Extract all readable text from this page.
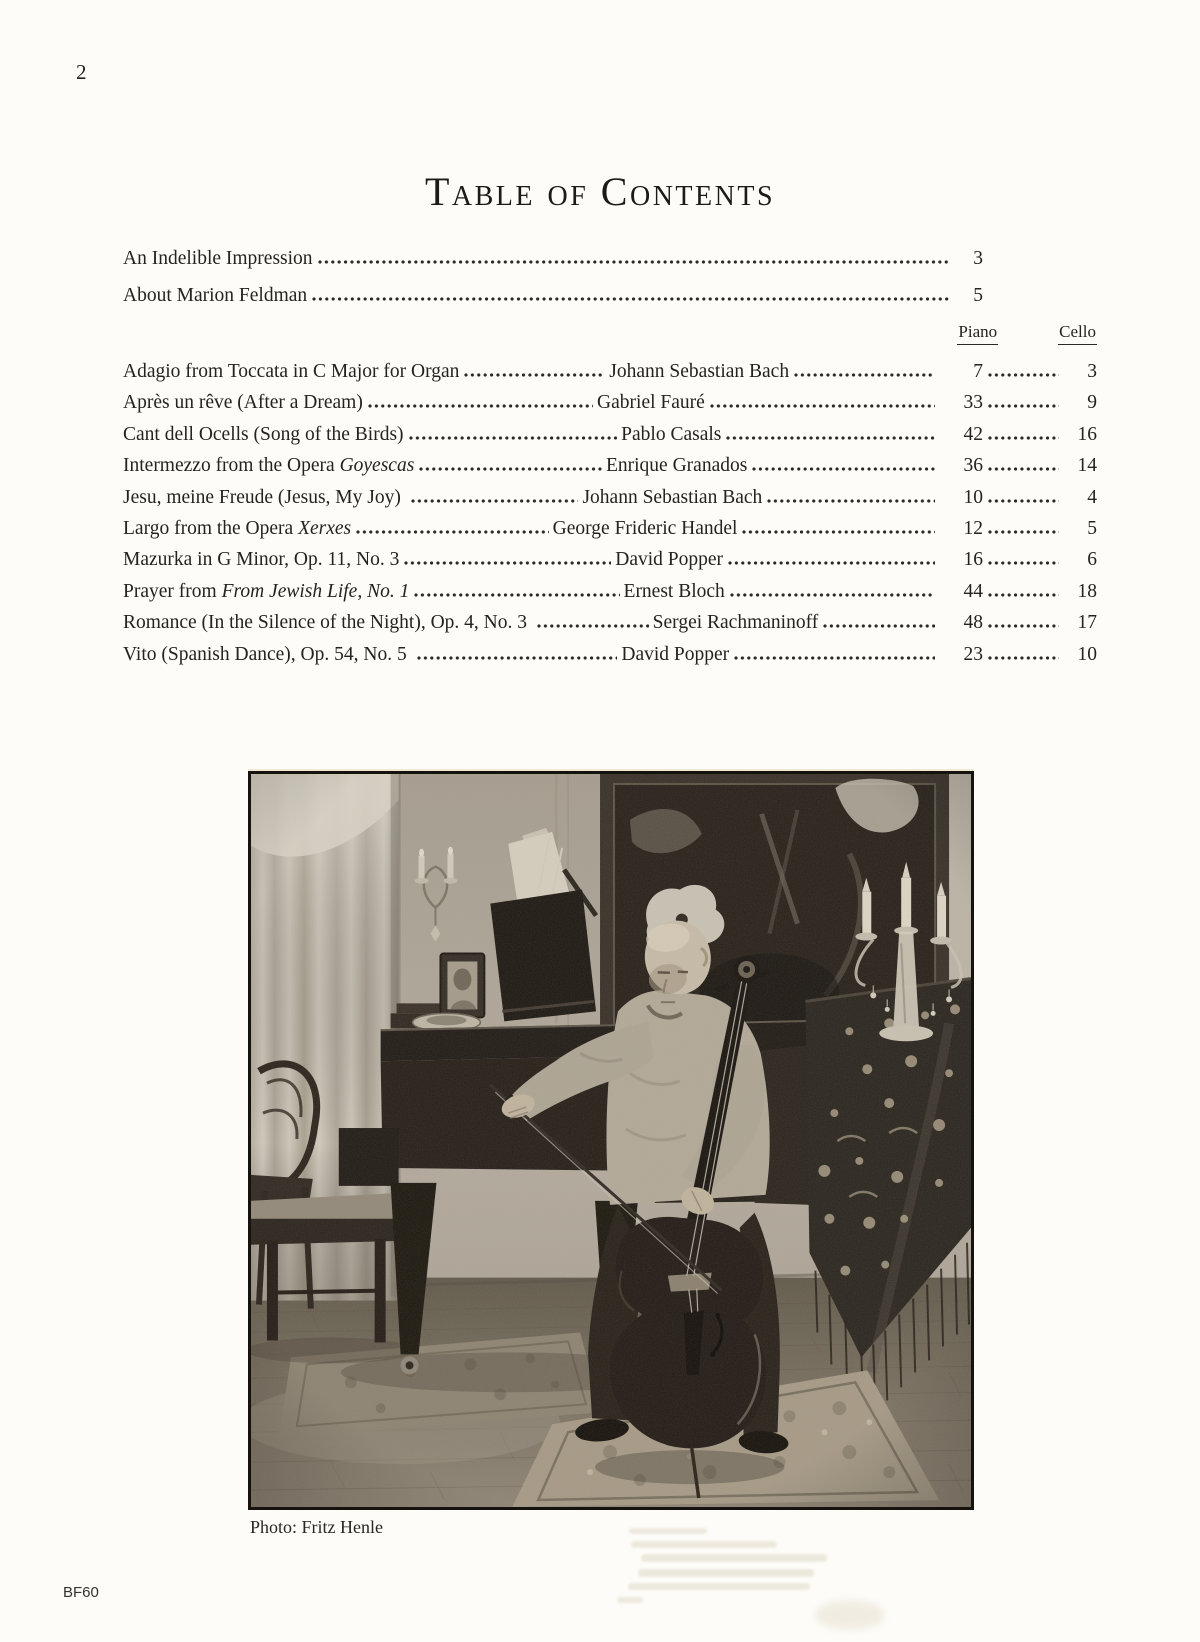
2
Table of Contents
An Indelible Impression	3
About Marion Feldman	5
Piano	Cello
Adagio from Toccata in C Major for Organ	Johann Sebastian Bach	7	3
Après un rêve (After a Dream)	Gabriel Fauré	33	9
Cant dell Ocells (Song of the Birds)	Pablo Casals	42	16
Intermezzo from the Opera Goyescas	Enrique Granados	36	14
Jesu, meine Freude (Jesus, My Joy)	Johann Sebastian Bach	10	4
Largo from the Opera Xerxes	George Frideric Handel	12	5
Mazurka in G Minor, Op. 11, No. 3	David Popper	16	6
Prayer from From Jewish Life, No. 1	Ernest Bloch	44	18
Romance (In the Silence of the Night), Op. 4, No. 3	Sergei Rachmaninoff	48	17
Vito (Spanish Dance), Op. 54, No. 5	David Popper	23	10
Photo: Fritz Henle
BF60
